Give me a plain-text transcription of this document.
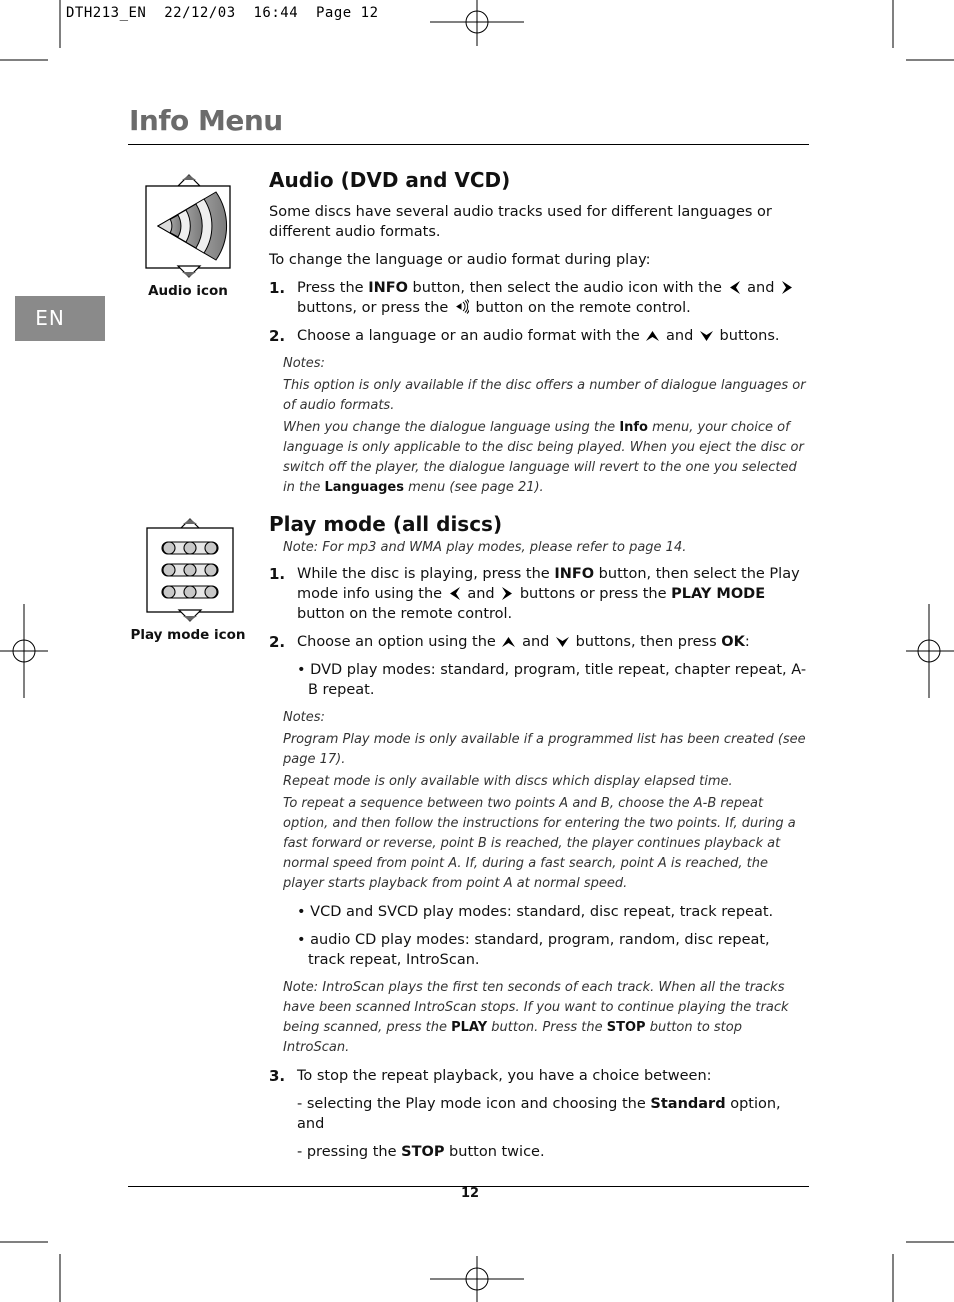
DTH213_EN  22/12/03  16:44  Page 12
Info Menu
EN
Audio icon
Play mode icon
Audio (DVD and VCD)

Some discs have several audio tracks used for different languages or different audio formats.

To change the language or audio format during play:

1. Press the INFO button, then select the audio icon with the  and  buttons, or press the  button on the remote control.
2. Choose a language or an audio format with the  and  buttons.

Notes:

This option is only available if the disc offers a number of dialogue languages or of audio formats.

When you change the dialogue language using the Info menu, your choice of language is only applicable to the disc being played. When you eject the disc or switch off the player, the dialogue language will revert to the one you selected in the Languages menu (see page 21).

Play mode (all discs)

Note: For mp3 and WMA play modes, please refer to page 14.

1. While the disc is playing, press the INFO button, then select the Play mode info using the  and  buttons or press the PLAY MODE button on the remote control.
2. Choose an option using the  and  buttons, then press OK:
• DVD play modes: standard, program, title repeat, chapter repeat, A-B repeat.

Notes:

Program Play mode is only available if a programmed list has been created (see page 17).

Repeat mode is only available with discs which display elapsed time.

To repeat a sequence between two points A and B, choose the A-B repeat option, and then follow the instructions for entering the two points. If, during a fast forward or reverse, point B is reached, the player continues playback at normal speed from point A. If, during a fast search, point A is reached, the player starts playback from point A at normal speed.

• VCD and SVCD play modes: standard, disc repeat, track repeat.
• audio CD play modes: standard, program, random, disc repeat, track repeat, IntroScan.

Note: IntroScan plays the first ten seconds of each track. When all the tracks have been scanned IntroScan stops. If you want to continue playing the track being scanned, press the PLAY button. Press the STOP button to stop IntroScan.

3. To stop the repeat playback, you have a choice between:
- selecting the Play mode icon and choosing the Standard option, and
- pressing the STOP button twice.
12
